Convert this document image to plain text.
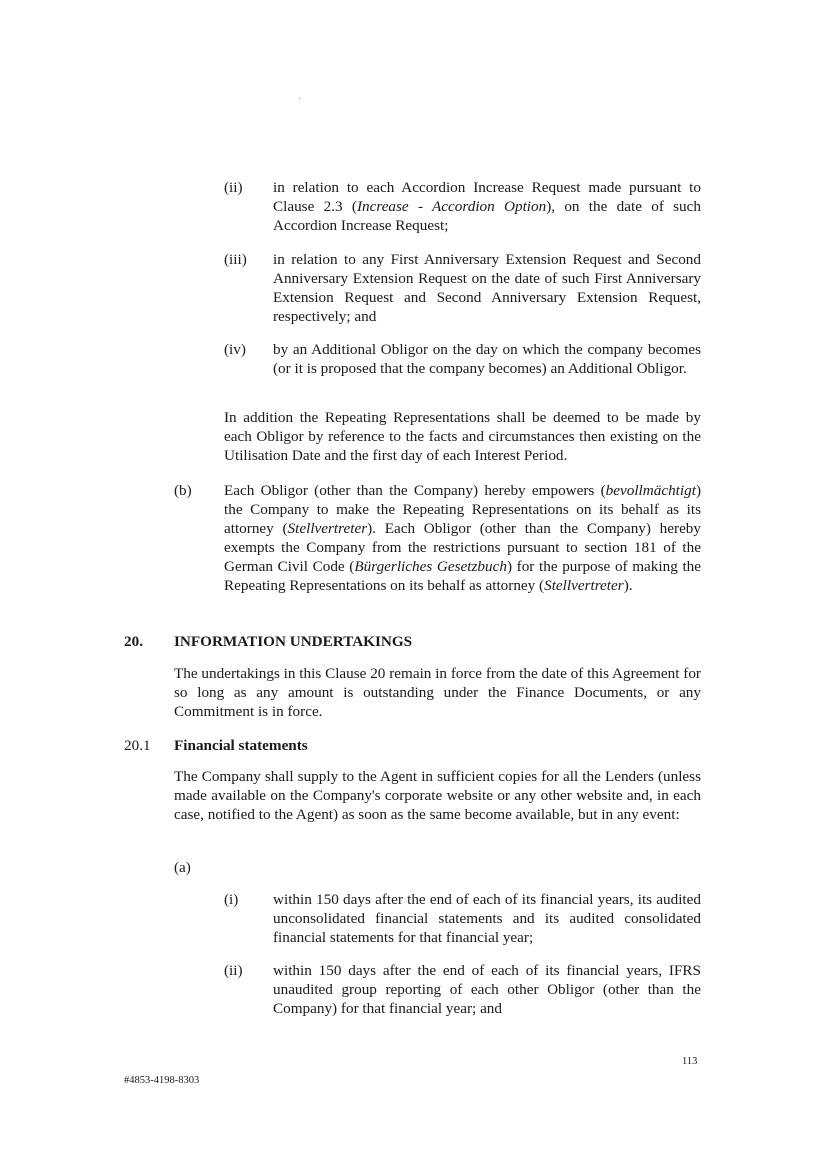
(ii) in relation to each Accordion Increase Request made pursuant to Clause 2.3 (Increase - Accordion Option), on the date of such Accordion Increase Request;
(iii) in relation to any First Anniversary Extension Request and Second Anniversary Extension Request on the date of such First Anniversary Extension Request and Second Anniversary Extension Request, respectively; and
(iv) by an Additional Obligor on the day on which the company becomes (or it is proposed that the company becomes) an Additional Obligor.
In addition the Repeating Representations shall be deemed to be made by each Obligor by reference to the facts and circumstances then existing on the Utilisation Date and the first day of each Interest Period.
(b) Each Obligor (other than the Company) hereby empowers (bevollmächtigt) the Company to make the Repeating Representations on its behalf as its attorney (Stellvertreter). Each Obligor (other than the Company) hereby exempts the Company from the restrictions pursuant to section 181 of the German Civil Code (Bürgerliches Gesetzbuch) for the purpose of making the Repeating Representations on its behalf as attorney (Stellvertreter).
20. INFORMATION UNDERTAKINGS
The undertakings in this Clause 20 remain in force from the date of this Agreement for so long as any amount is outstanding under the Finance Documents, or any Commitment is in force.
20.1 Financial statements
The Company shall supply to the Agent in sufficient copies for all the Lenders (unless made available on the Company's corporate website or any other website and, in each case, notified to the Agent) as soon as the same become available, but in any event:
(a)
(i) within 150 days after the end of each of its financial years, its audited unconsolidated financial statements and its audited consolidated financial statements for that financial year;
(ii) within 150 days after the end of each of its financial years, IFRS unaudited group reporting of each other Obligor (other than the Company) for that financial year; and
113
#4853-4198-8303
